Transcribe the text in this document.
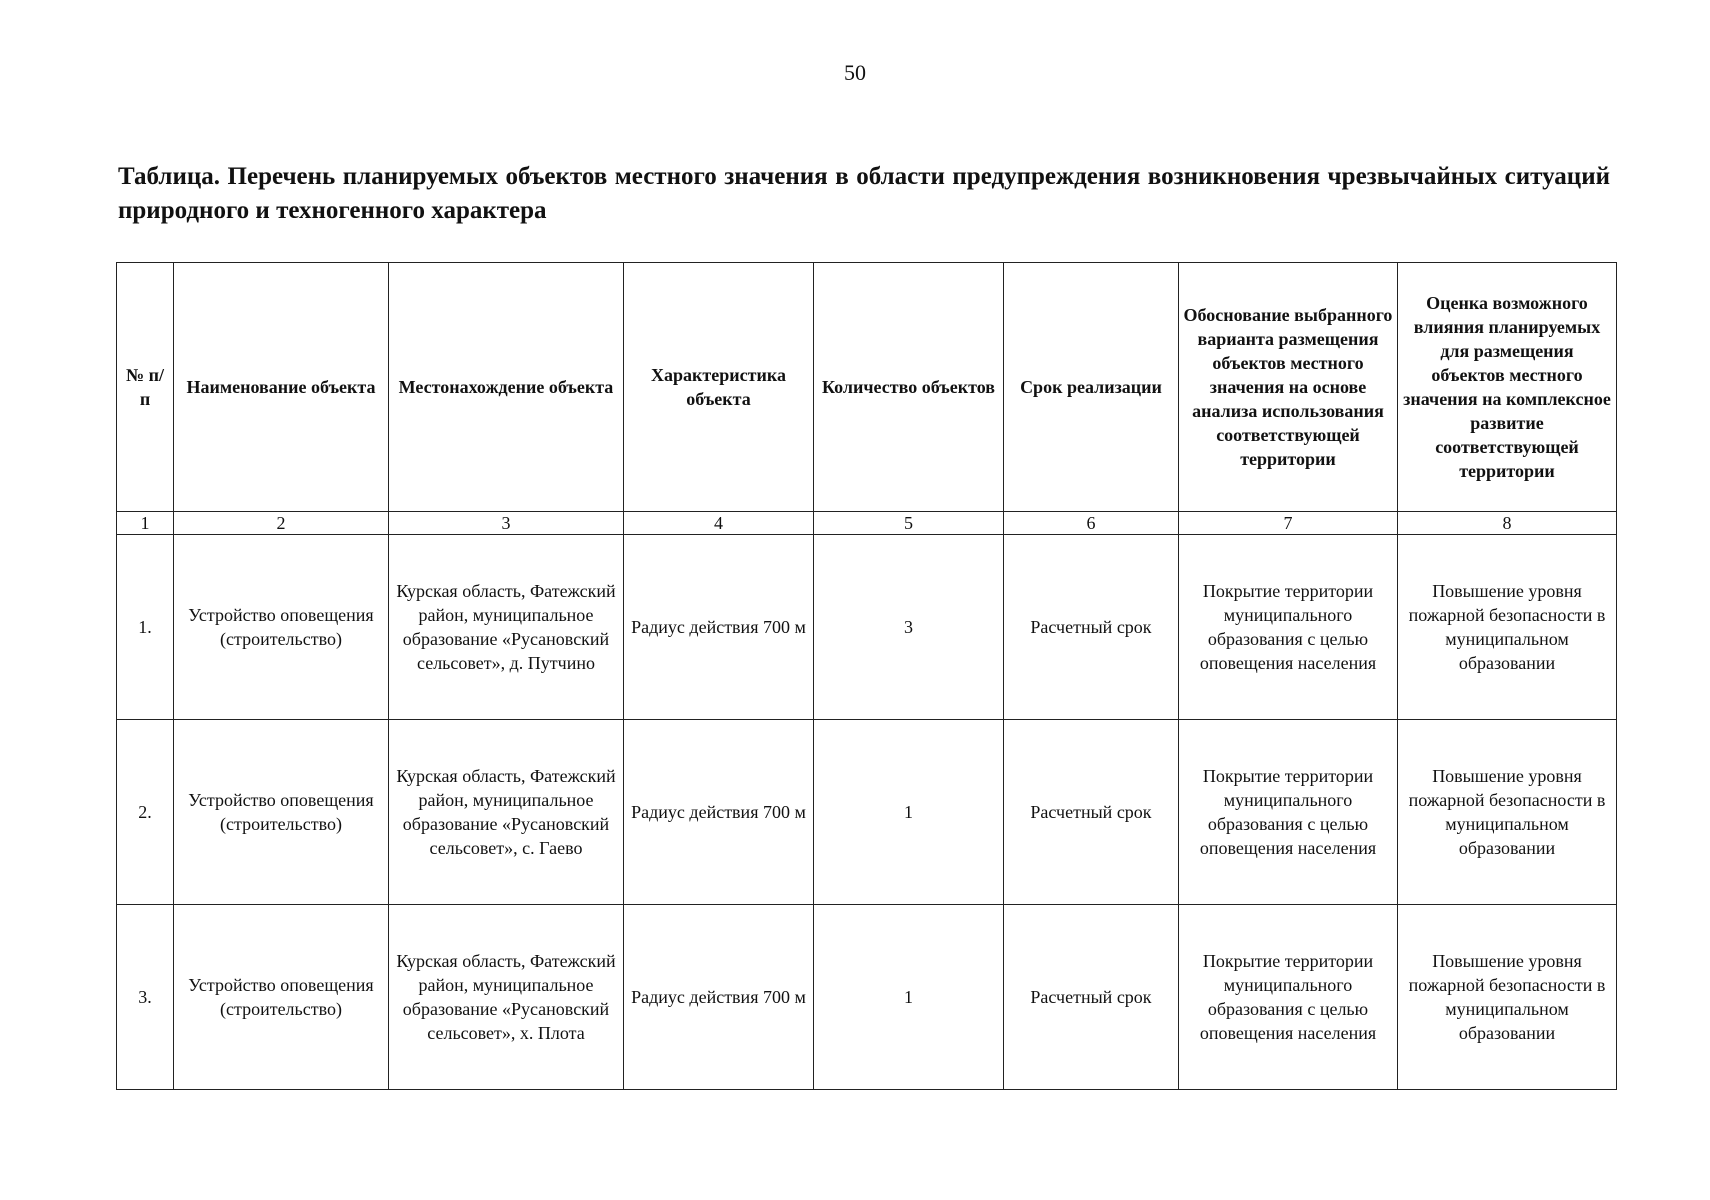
50
Таблица. Перечень планируемых объектов местного значения в области предупреждения возникновения чрезвычайных ситуаций природного и техногенного характера
№ п/п	Наименование объекта	Местонахождение объекта	Характеристика объекта	Количество объектов	Срок реализации	Обоснование выбранного варианта размещения объектов местного значения на основе анализа использования соответствующей территории	Оценка возможного влияния планируемых для размещения объектов местного значения на комплексное развитие соответствующей территории
1	2	3	4	5	6	7	8
1.	Устройство оповещения (строительство)	Курская область, Фатежский район, муниципальное образование «Русановский сельсовет», д. Путчино	Радиус действия 700 м	3	Расчетный срок	Покрытие территории муниципального образования с целью оповещения населения	Повышение уровня пожарной безопасности в муниципальном образовании
2.	Устройство оповещения (строительство)	Курская область, Фатежский район, муниципальное образование «Русановский сельсовет», с. Гаево	Радиус действия 700 м	1	Расчетный срок	Покрытие территории муниципального образования с целью оповещения населения	Повышение уровня пожарной безопасности в муниципальном образовании
3.	Устройство оповещения (строительство)	Курская область, Фатежский район, муниципальное образование «Русановский сельсовет», х. Плота	Радиус действия 700 м	1	Расчетный срок	Покрытие территории муниципального образования с целью оповещения населения	Повышение уровня пожарной безопасности в муниципальном образовании
